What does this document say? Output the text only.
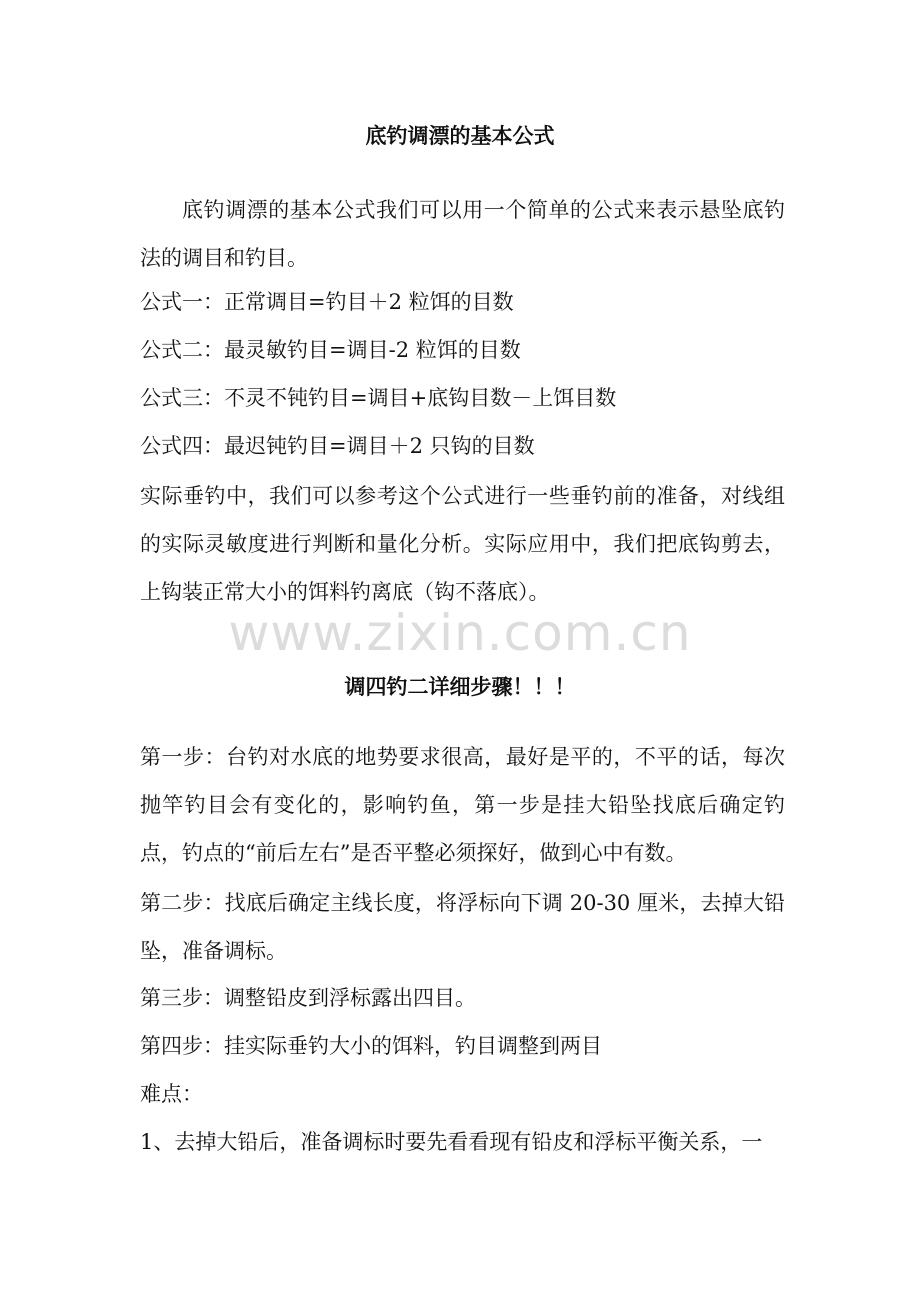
底钓调漂的基本公式

底钓调漂的基本公式我们可以用一个简单的公式来表示悬坠底钓法的调目和钓目。

公式一：正常调目=钓目＋2 粒饵的目数

公式二：最灵敏钓目=调目-2 粒饵的目数

公式三：不灵不钝钓目=调目+底钩目数－上饵目数

公式四：最迟钝钓目=调目＋2 只钩的目数

实际垂钓中，我们可以参考这个公式进行一些垂钓前的准备，对线组的实际灵敏度进行判断和量化分析。实际应用中，我们把底钩剪去，上钩装正常大小的饵料钓离底（钩不落底）。

www.zixin.com.cn
调四钓二详细步骤！！！

第一步：台钓对水底的地势要求很高，最好是平的，不平的话，每次抛竿钓目会有变化的，影响钓鱼，第一步是挂大铅坠找底后确定钓点，钓点的“前后左右”是否平整必须探好，做到心中有数。

第二步：找底后确定主线长度，将浮标向下调 20-30 厘米，去掉大铅坠，准备调标。

第三步：调整铅皮到浮标露出四目。

第四步：挂实际垂钓大小的饵料，钓目调整到两目

难点：

1、去掉大铅后，准备调标时要先看看现有铅皮和浮标平衡关系，一
